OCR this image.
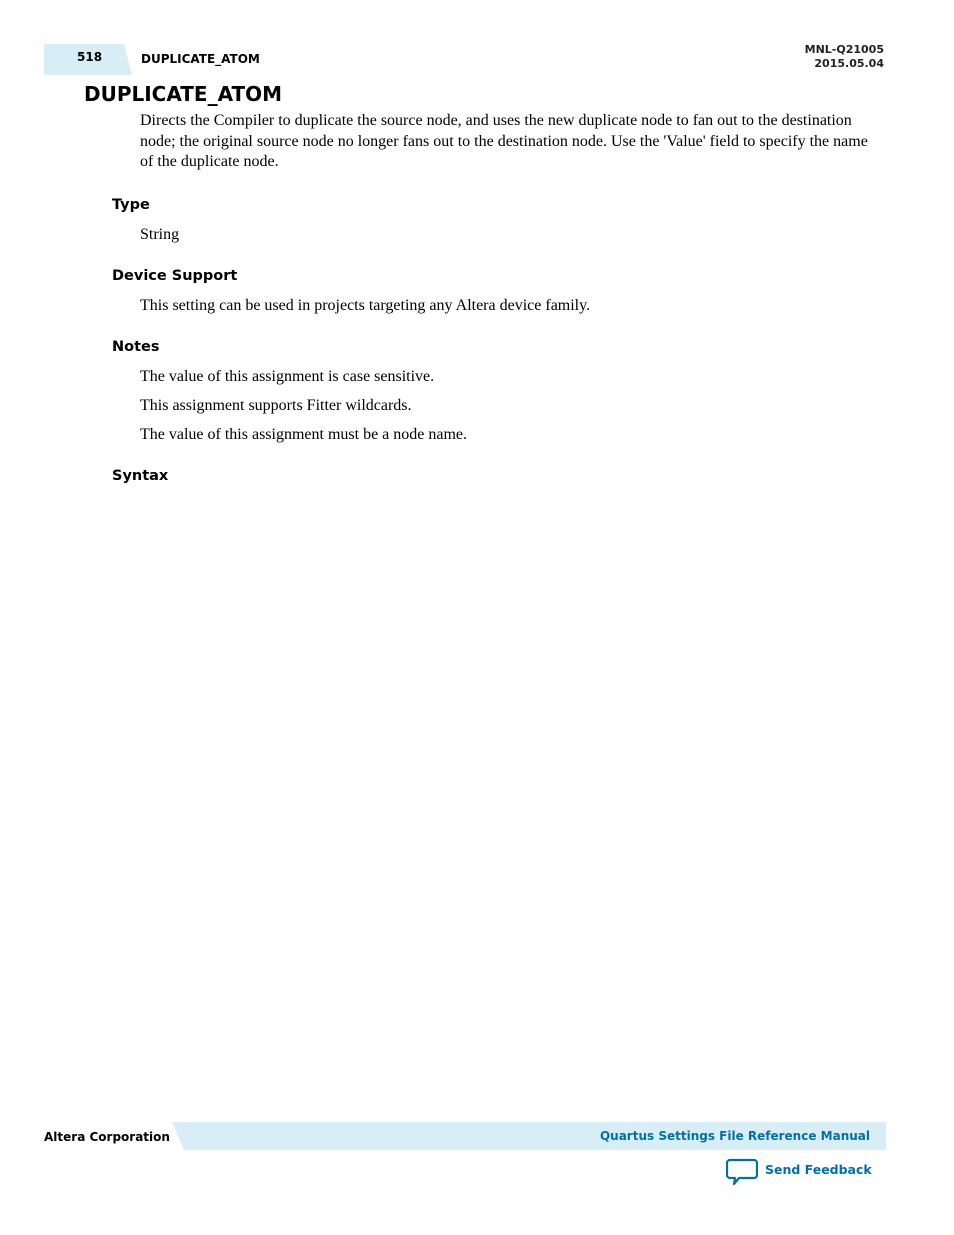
518	DUPLICATE_ATOM
MNL-Q21005
2015.05.04
DUPLICATE_ATOM

Directs the Compiler to duplicate the source node, and uses the new duplicate node to fan out to the destination node; the original source node no longer fans out to the destination node. Use the 'Value' field to specify the name of the duplicate node.

Type

String

Device Support

This setting can be used in projects targeting any Altera device family.

Notes

The value of this assignment is case sensitive.

This assignment supports Fitter wildcards.

The value of this assignment must be a node name.

Syntax
Altera Corporation	Quartus Settings File Reference Manual
Send Feedback
